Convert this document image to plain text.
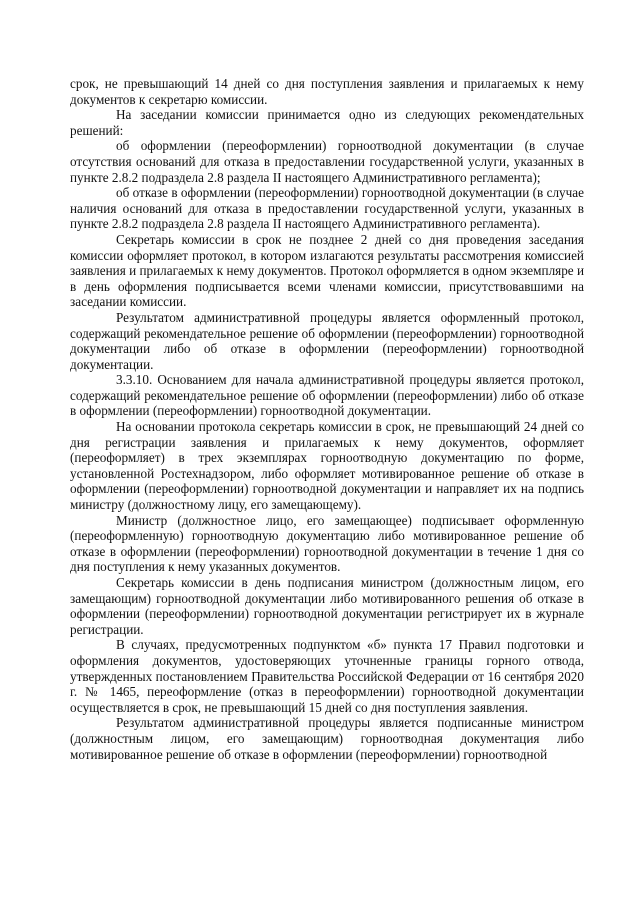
срок, не превышающий 14 дней со дня поступления заявления и прилагаемых к нему документов к секретарю комиссии.

На заседании комиссии принимается одно из следующих рекомендательных решений:

об оформлении (переоформлении) горноотводной документации (в случае отсутствия оснований для отказа в предоставлении государственной услуги, указанных в пункте 2.8.2 подраздела 2.8 раздела II настоящего Административного регламента);

об отказе в оформлении (переоформлении) горноотводной документации (в случае наличия оснований для отказа в предоставлении государственной услуги, указанных в пункте 2.8.2 подраздела 2.8 раздела II настоящего Административного регламента).

Секретарь комиссии в срок не позднее 2 дней со дня проведения заседания комиссии оформляет протокол, в котором излагаются результаты рассмотрения комиссией заявления и прилагаемых к нему документов. Протокол оформляется в одном экземпляре и в день оформления подписывается всеми членами комиссии, присутствовавшими на заседании комиссии.

Результатом административной процедуры является оформленный протокол, содержащий рекомендательное решение об оформлении (переоформлении) горноотводной документации либо об отказе в оформлении (переоформлении) горноотводной документации.

3.3.10. Основанием для начала административной процедуры является протокол, содержащий рекомендательное решение об оформлении (переоформлении) либо об отказе в оформлении (переоформлении) горноотводной документации.

На основании протокола секретарь комиссии в срок, не превышающий 24 дней со дня регистрации заявления и прилагаемых к нему документов, оформляет (переоформляет) в трех экземплярах горноотводную документацию по форме, установленной Ростехнадзором, либо оформляет мотивированное решение об отказе в оформлении (переоформлении) горноотводной документации и направляет их на подпись министру (должностному лицу, его замещающему).

Министр (должностное лицо, его замещающее) подписывает оформленную (переоформленную) горноотводную документацию либо мотивированное решение об отказе в оформлении (переоформлении) горноотводной документации в течение 1 дня со дня поступления к нему указанных документов.

Секретарь комиссии в день подписания министром (должностным лицом, его замещающим) горноотводной документации либо мотивированного решения об отказе в оформлении (переоформлении) горноотводной документации регистрирует их в журнале регистрации.

В случаях, предусмотренных подпунктом «б» пункта 17 Правил подготовки и оформления документов, удостоверяющих уточненные границы горного отвода, утвержденных постановлением Правительства Российской Федерации от 16 сентября 2020 г. № 1465, переоформление (отказ в переоформлении) горноотводной документации осуществляется в срок, не превышающий 15 дней со дня поступления заявления.

Результатом административной процедуры является подписанные министром (должностным лицом, его замещающим) горноотводная документация либо мотивированное решение об отказе в оформлении (переоформлении) горноотводной
